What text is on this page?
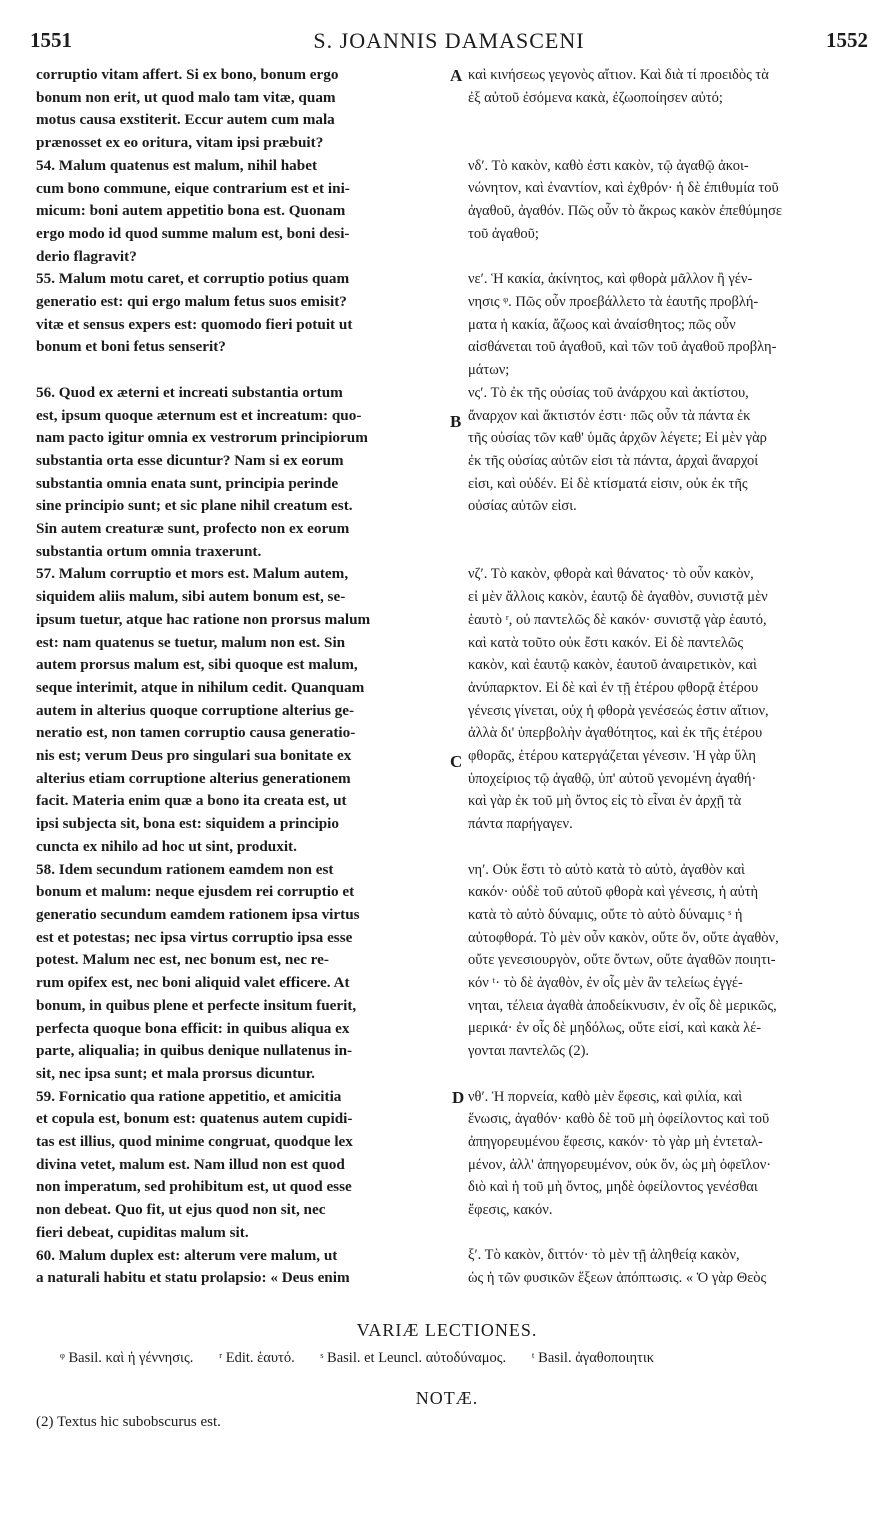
1551	S. JOANNIS DAMASCENI	1552
corruptio vitam affert. Si ex bono, bonum ergo
bonum non erit, ut quod malo tam vitæ, quam
motus causa exstiterit. Eccur autem cum mala
prænosset ex eo oritura, vitam ipsi præbuit?
54. Malum quatenus est malum, nihil habet
cum bono commune, eique contrarium est et ini-
micum: boni autem appetitio bona est. Quonam
ergo modo id quod summe malum est, boni desi-
derio flagravit?
55. Malum motu caret, et corruptio potius quam
generatio est: qui ergo malum fetus suos emisit?
vitæ et sensus expers est: quomodo fieri potuit ut
bonum et boni fetus senserit?
56. Quod ex æterni et increati substantia ortum
est, ipsum quoque æternum est et increatum: quo-
nam pacto igitur omnia ex vestrorum principiorum
substantia orta esse dicuntur? Nam si ex eorum
substantia omnia enata sunt, principia perinde
sine principio sunt; et sic plane nihil creatum est.
Sin autem creaturæ sunt, profecto non ex eorum
substantia ortum omnia traxerunt.
57. Malum corruptio et mors est. Malum autem,
siquidem aliis malum, sibi autem bonum est, se-
ipsum tuetur, atque hac ratione non prorsus malum
est: nam quatenus se tuetur, malum non est. Sin
autem prorsus malum est, sibi quoque est malum,
seque interimit, atque in nihilum cedit. Quanquam
autem in alterius quoque corruptione alterius ge-
neratio est, non tamen corruptio causa generatio-
nis est; verum Deus pro singulari sua bonitate ex
alterius etiam corruptione alterius generationem
facit. Materia enim quæ a bono ita creata est, ut
ipsi subjecta sit, bona est: siquidem a principio
cuncta ex nihilo ad hoc ut sint, produxit.
58. Idem secundum rationem eamdem non est
bonum et malum: neque ejusdem rei corruptio et
generatio secundum eamdem rationem ipsa virtus
est et potestas; nec ipsa virtus corruptio ipsa esse
potest. Malum nec est, nec bonum est, nec re-
rum opifex est, nec boni aliquid valet efficere. At
bonum, in quibus plene et perfecte insitum fuerit,
perfecta quoque bona efficit: in quibus aliqua ex
parte, aliqualia; in quibus denique nullatenus in-
sit, nec ipsa sunt; et mala prorsus dicuntur.
59. Fornicatio qua ratione appetitio, et amicitia
et copula est, bonum est: quatenus autem cupidi-
tas est illius, quod minime congruat, quodque lex
divina vetet, malum est. Nam illud non est quod
non imperatum, sed prohibitum est, ut quod esse
non debeat. Quo fit, ut ejus quod non sit, nec
fieri debeat, cupiditas malum sit.
60. Malum duplex est: alterum vere malum, ut
a naturali habitu et statu prolapsio: « Deus enim
καὶ κινήσεως γεγονὸς αἴτιον. Καὶ διὰ τί προειδὸς τὰ
ἐξ αὐτοῦ ἐσόμενα κακὰ, ἐζωοποίησεν αὐτό;
νδʹ. Τὸ κακὸν, καθὸ ἐστι κακὸν, τῷ ἀγαθῷ ἀκοι-
νώνητον, καὶ ἐναντίον, καὶ ἐχθρόν· ἡ δὲ ἐπιθυμία τοῦ
ἀγαθοῦ, ἀγαθόν. Πῶς οὖν τὸ ἄκρως κακὸν ἐπεθύμησε
τοῦ ἀγαθοῦ;
νεʹ. Ἡ κακία, ἀκίνητος, καὶ φθορὰ μᾶλλον ἢ γέν-
νησις ᵠ. Πῶς οὖν προεβάλλετο τὰ ἑαυτῆς προβλή-
ματα ἡ κακία, ἄζωος καὶ ἀναίσθητος; πῶς οὖν
αἰσθάνεται τοῦ ἀγαθοῦ, καὶ τῶν τοῦ ἀγαθοῦ προβλη-
μάτων;
νςʹ. Τὸ ἐκ τῆς οὐσίας τοῦ ἀνάρχου καὶ ἀκτίστου,
ἄναρχον καὶ ἄκτιστόν ἐστι· πῶς οὖν τὰ πάντα ἐκ
τῆς οὐσίας τῶν καθ' ὑμᾶς ἀρχῶν λέγετε; Εἰ μὲν γὰρ
ἐκ τῆς οὐσίας αὐτῶν εἰσι τὰ πάντα, ἀρχαὶ ἄναρχοί
εἰσι, καὶ οὐδέν. Εἰ δὲ κτίσματά εἰσιν, οὐκ ἐκ τῆς
οὐσίας αὐτῶν εἰσι.
νζʹ. Τὸ κακὸν, φθορὰ καὶ θάνατος· τὸ οὖν κακὸν,
εἰ μὲν ἄλλοις κακὸν, ἑαυτῷ δὲ ἀγαθὸν, συνιστᾷ μὲν
ἑαυτὸ ʳ, οὐ παντελῶς δὲ κακόν· συνιστᾷ γὰρ ἑαυτό,
καὶ κατὰ τοῦτο οὐκ ἔστι κακόν. Εἰ δὲ παντελῶς
κακὸν, καὶ ἑαυτῷ κακὸν, ἑαυτοῦ ἀναιρετικὸν, καὶ
ἀνύπαρκτον. Εἰ δὲ καὶ ἐν τῇ ἑτέρου φθορᾷ ἑτέρου
γένεσις γίνεται, οὐχ ἡ φθορὰ γενέσεώς ἐστιν αἴτιον,
ἀλλὰ δι' ὑπερβολὴν ἀγαθότητος, καὶ ἐκ τῆς ἑτέρου
φθορᾶς, ἑτέρου κατεργάζεται γένεσιν. Ἡ γὰρ ὕλη
ὑποχείριος τῷ ἀγαθῷ, ὑπ' αὐτοῦ γενομένη ἀγαθή·
καὶ γὰρ ἐκ τοῦ μὴ ὄντος εἰς τὸ εἶναι ἐν ἀρχῇ τὰ
πάντα παρήγαγεν.
νηʹ. Οὐκ ἔστι τὸ αὐτὸ κατὰ τὸ αὐτὸ, ἀγαθὸν καὶ
κακόν· οὐδὲ τοῦ αὐτοῦ φθορὰ καὶ γένεσις, ἡ αὐτὴ
κατὰ τὸ αὐτὸ δύναμις, οὔτε τὸ αὐτὸ δύναμις ˢ ἡ
αὐτοφθορά. Τὸ μὲν οὖν κακὸν, οὔτε ὄν, οὔτε ἀγαθὸν,
οὔτε γενεσιουργὸν, οὔτε ὄντων, οὔτε ἀγαθῶν ποιητι-
κόν ᵗ· τὸ δὲ ἀγαθὸν, ἐν οἷς μὲν ἂν τελείως ἐγγέ-
νηται, τέλεια ἀγαθὰ ἀποδείκνυσιν, ἐν οἷς δὲ μερικῶς,
μερικά· ἐν οἷς δὲ μηδόλως, οὔτε εἰσί, καὶ κακὰ λέ-
γονται παντελῶς (2).
νθʹ. Ἡ πορνεία, καθὸ μὲν ἔφεσις, καὶ φιλία, καὶ
ἕνωσις, ἀγαθόν· καθὸ δὲ τοῦ μὴ ὀφείλοντος καὶ τοῦ
ἀπηγορευμένου ἔφεσις, κακόν· τὸ γὰρ μὴ ἐντεταλ-
μένον, ἀλλ' ἀπηγορευμένον, οὐκ ὄν, ὡς μὴ ὀφεῖλον·
διὸ καὶ ἡ τοῦ μὴ ὄντος, μηδὲ ὀφείλοντος γενέσθαι
ἔφεσις, κακόν.
ξʹ. Τὸ κακὸν, διττόν· τὸ μὲν τῇ ἀληθείᾳ κακὸν,
ὡς ἡ τῶν φυσικῶν ἕξεων ἀπόπτωσις. « Ὁ γὰρ Θεὸς
A
B
C
D
VARIÆ LECTIONES.
ᵠ Basil. καὶ ἡ γέννησις. ʳ Edit. ἑαυτό. ˢ Basil. et Leuncl. αὐτοδύναμος. ᵗ Basil. ἀγαθοποιητικ
NOTÆ.
(2) Textus hic subobscurus est.
